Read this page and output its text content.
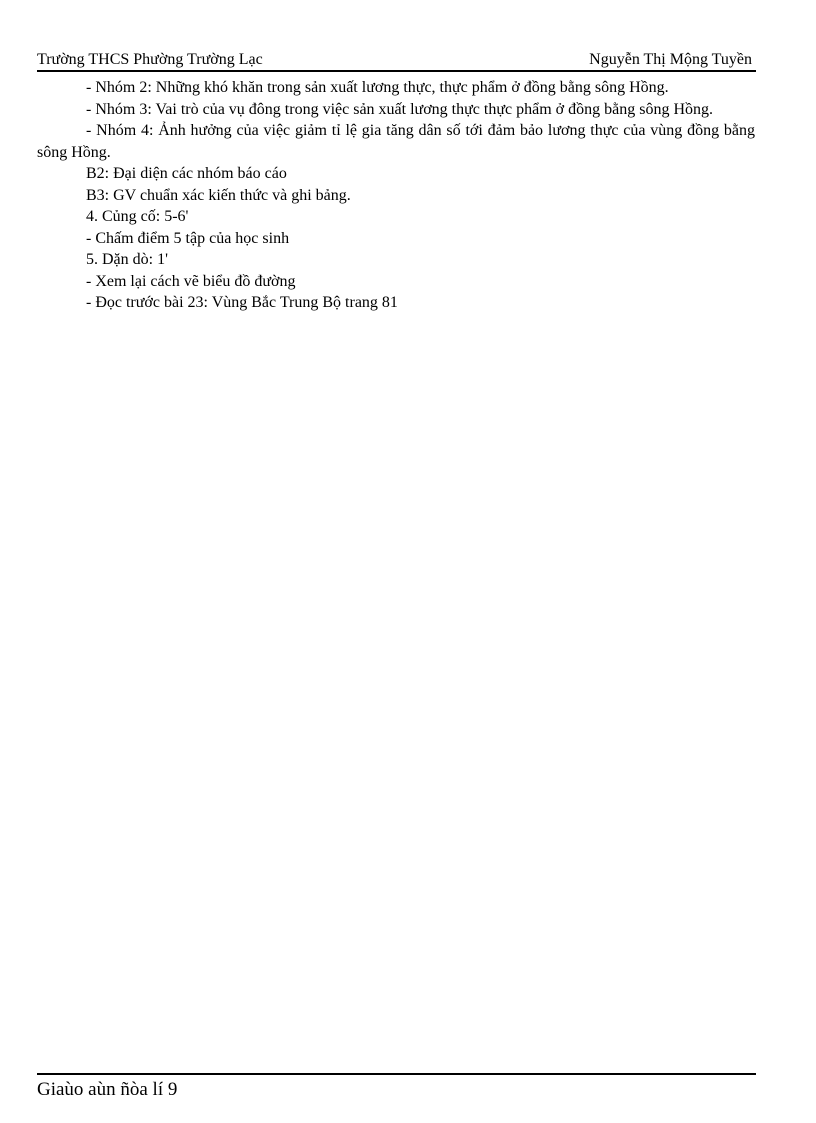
Trường THCS Phường Trường Lạc	Nguyễn Thị Mộng Tuyền

- Nhóm 2: Những khó khăn trong sản xuất lương thực, thực phẩm ở đồng bằng sông Hồng.

- Nhóm 3: Vai trò của vụ đông trong việc sản xuất lương thực thực phẩm ở đồng bằng sông Hồng.

- Nhóm 4: Ảnh hưởng của việc giảm tỉ lệ gia tăng dân số tới đảm bảo lương thực của vùng đồng bằng sông Hồng.

B2: Đại diện các nhóm báo cáo

B3: GV chuẩn xác kiến thức và ghi bảng.

4. Củng cố: 5-6'

- Chấm điểm 5 tập của học sinh

5. Dặn dò: 1'

- Xem lại cách vẽ biểu đồ đường

- Đọc trước bài 23: Vùng Bắc Trung Bộ trang 81

Giaùo aùn ñòa lí 9
